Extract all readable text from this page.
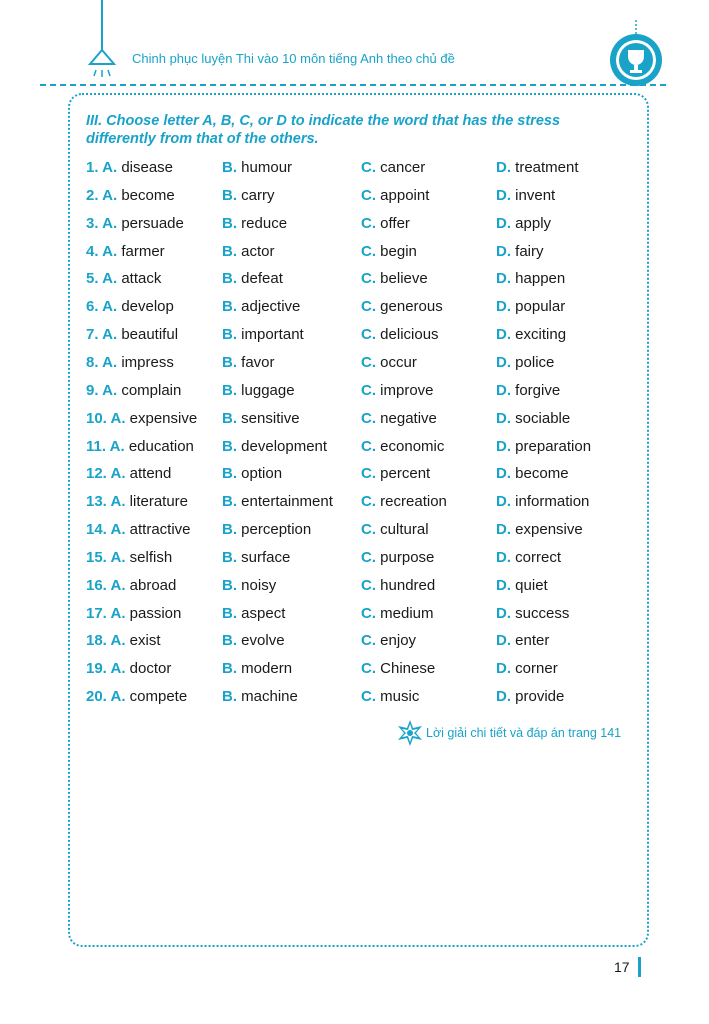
Chinh phục luyện Thi vào 10 môn tiếng Anh theo chủ đề
III. Choose letter A, B, C, or D to indicate the word that has the stress differently from that of the others.
1. A. disease	B. humour	C. cancer	D. treatment
2. A. become	B. carry	C. appoint	D. invent
3. A. persuade	B. reduce	C. offer	D. apply
4. A. farmer	B. actor	C. begin	D. fairy
5. A. attack	B. defeat	C. believe	D. happen
6. A. develop	B. adjective	C. generous	D. popular
7. A. beautiful	B. important	C. delicious	D. exciting
8. A. impress	B. favor	C. occur	D. police
9. A. complain	B. luggage	C. improve	D. forgive
10. A. expensive B. sensitive	C. negative	D. sociable
11. A. education B. development C. economic	D. preparation
12. A. attend	B. option	C. percent	D. become
13. A. literature B. entertainment C. recreation	D. information
14. A. attractive B. perception	C. cultural	D. expensive
15. A. selfish	B. surface	C. purpose	D. correct
16. A. abroad	B. noisy	C. hundred	D. quiet
17. A. passion	B. aspect	C. medium	D. success
18. A. exist	B. evolve	C. enjoy	D. enter
19. A. doctor	B. modern	C. Chinese	D. corner
20. A. compete B. machine	C. music	D. provide
Lời giải chi tiết và đáp án trang 141
17
